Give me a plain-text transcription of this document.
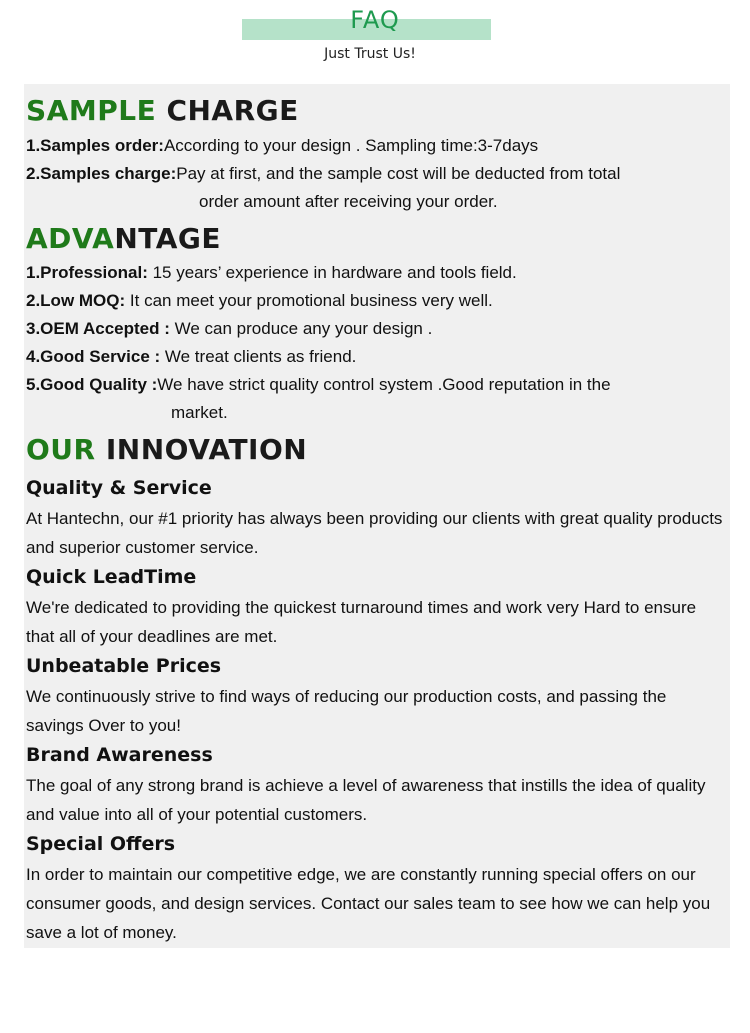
FAQ
Just Trust Us!
SAMPLE CHARGE
1.Samples order:According to your design . Sampling time:3-7days
2.Samples charge:Pay at first, and the sample cost will be deducted from total
order amount after receiving your order.
ADVANTAGE
1.Professional: 15 years’ experience in hardware and tools field.
2.Low MOQ: It can meet your promotional business very well.
3.OEM Accepted : We can produce any your design .
4.Good Service : We treat clients as friend.
5.Good Quality :We have strict quality control system .Good reputation in the
market.
OUR INNOVATION
Quality & Service
At Hantechn, our #1 priority has always been providing our clients with great quality products and superior customer service.
Quick LeadTime
We're dedicated to providing the quickest turnaround times and work very Hard to ensure that all of your deadlines are met.
Unbeatable Prices
We continuously strive to find ways of reducing our production costs, and passing the savings Over to you!
Brand Awareness
The goal of any strong brand is achieve a level of awareness that instills the idea of quality and value into all of your potential customers.
Special Offers
In order to maintain our competitive edge, we are constantly running special offers on our consumer goods, and design services. Contact our sales team to see how we can help you save a lot of money.
